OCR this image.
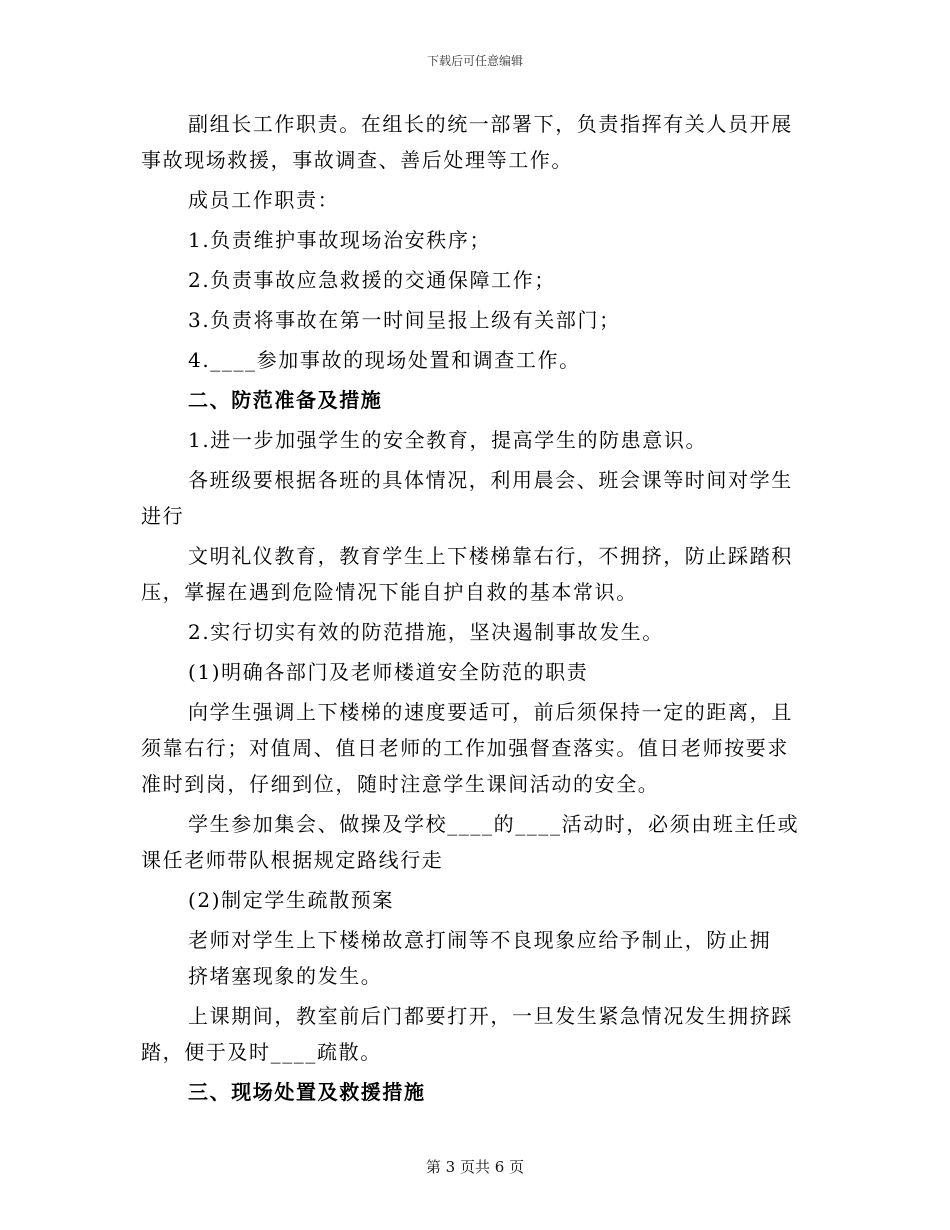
下载后可任意编辑

副组长工作职责。在组长的统一部署下，负责指挥有关人员开展

事故现场救援，事故调查、善后处理等工作。

成员工作职责：

1.负责维护事故现场治安秩序；

2.负责事故应急救援的交通保障工作；

3.负责将事故在第一时间呈报上级有关部门；

4.____参加事故的现场处置和调查工作。

二、防范准备及措施

1.进一步加强学生的安全教育，提高学生的防患意识。

各班级要根据各班的具体情况，利用晨会、班会课等时间对学生

进行

文明礼仪教育，教育学生上下楼梯靠右行，不拥挤，防止踩踏积

压，掌握在遇到危险情况下能自护自救的基本常识。

2.实行切实有效的防范措施，坚决遏制事故发生。

(1)明确各部门及老师楼道安全防范的职责

向学生强调上下楼梯的速度要适可，前后须保持一定的距离，且

须靠右行；对值周、值日老师的工作加强督查落实。值日老师按要求

准时到岗，仔细到位，随时注意学生课间活动的安全。

学生参加集会、做操及学校____的____活动时，必须由班主任或

课任老师带队根据规定路线行走

(2)制定学生疏散预案

老师对学生上下楼梯故意打闹等不良现象应给予制止，防止拥

挤堵塞现象的发生。

上课期间，教室前后门都要打开，一旦发生紧急情况发生拥挤踩

踏，便于及时____疏散。

三、现场处置及救援措施

第 3 页共 6 页
